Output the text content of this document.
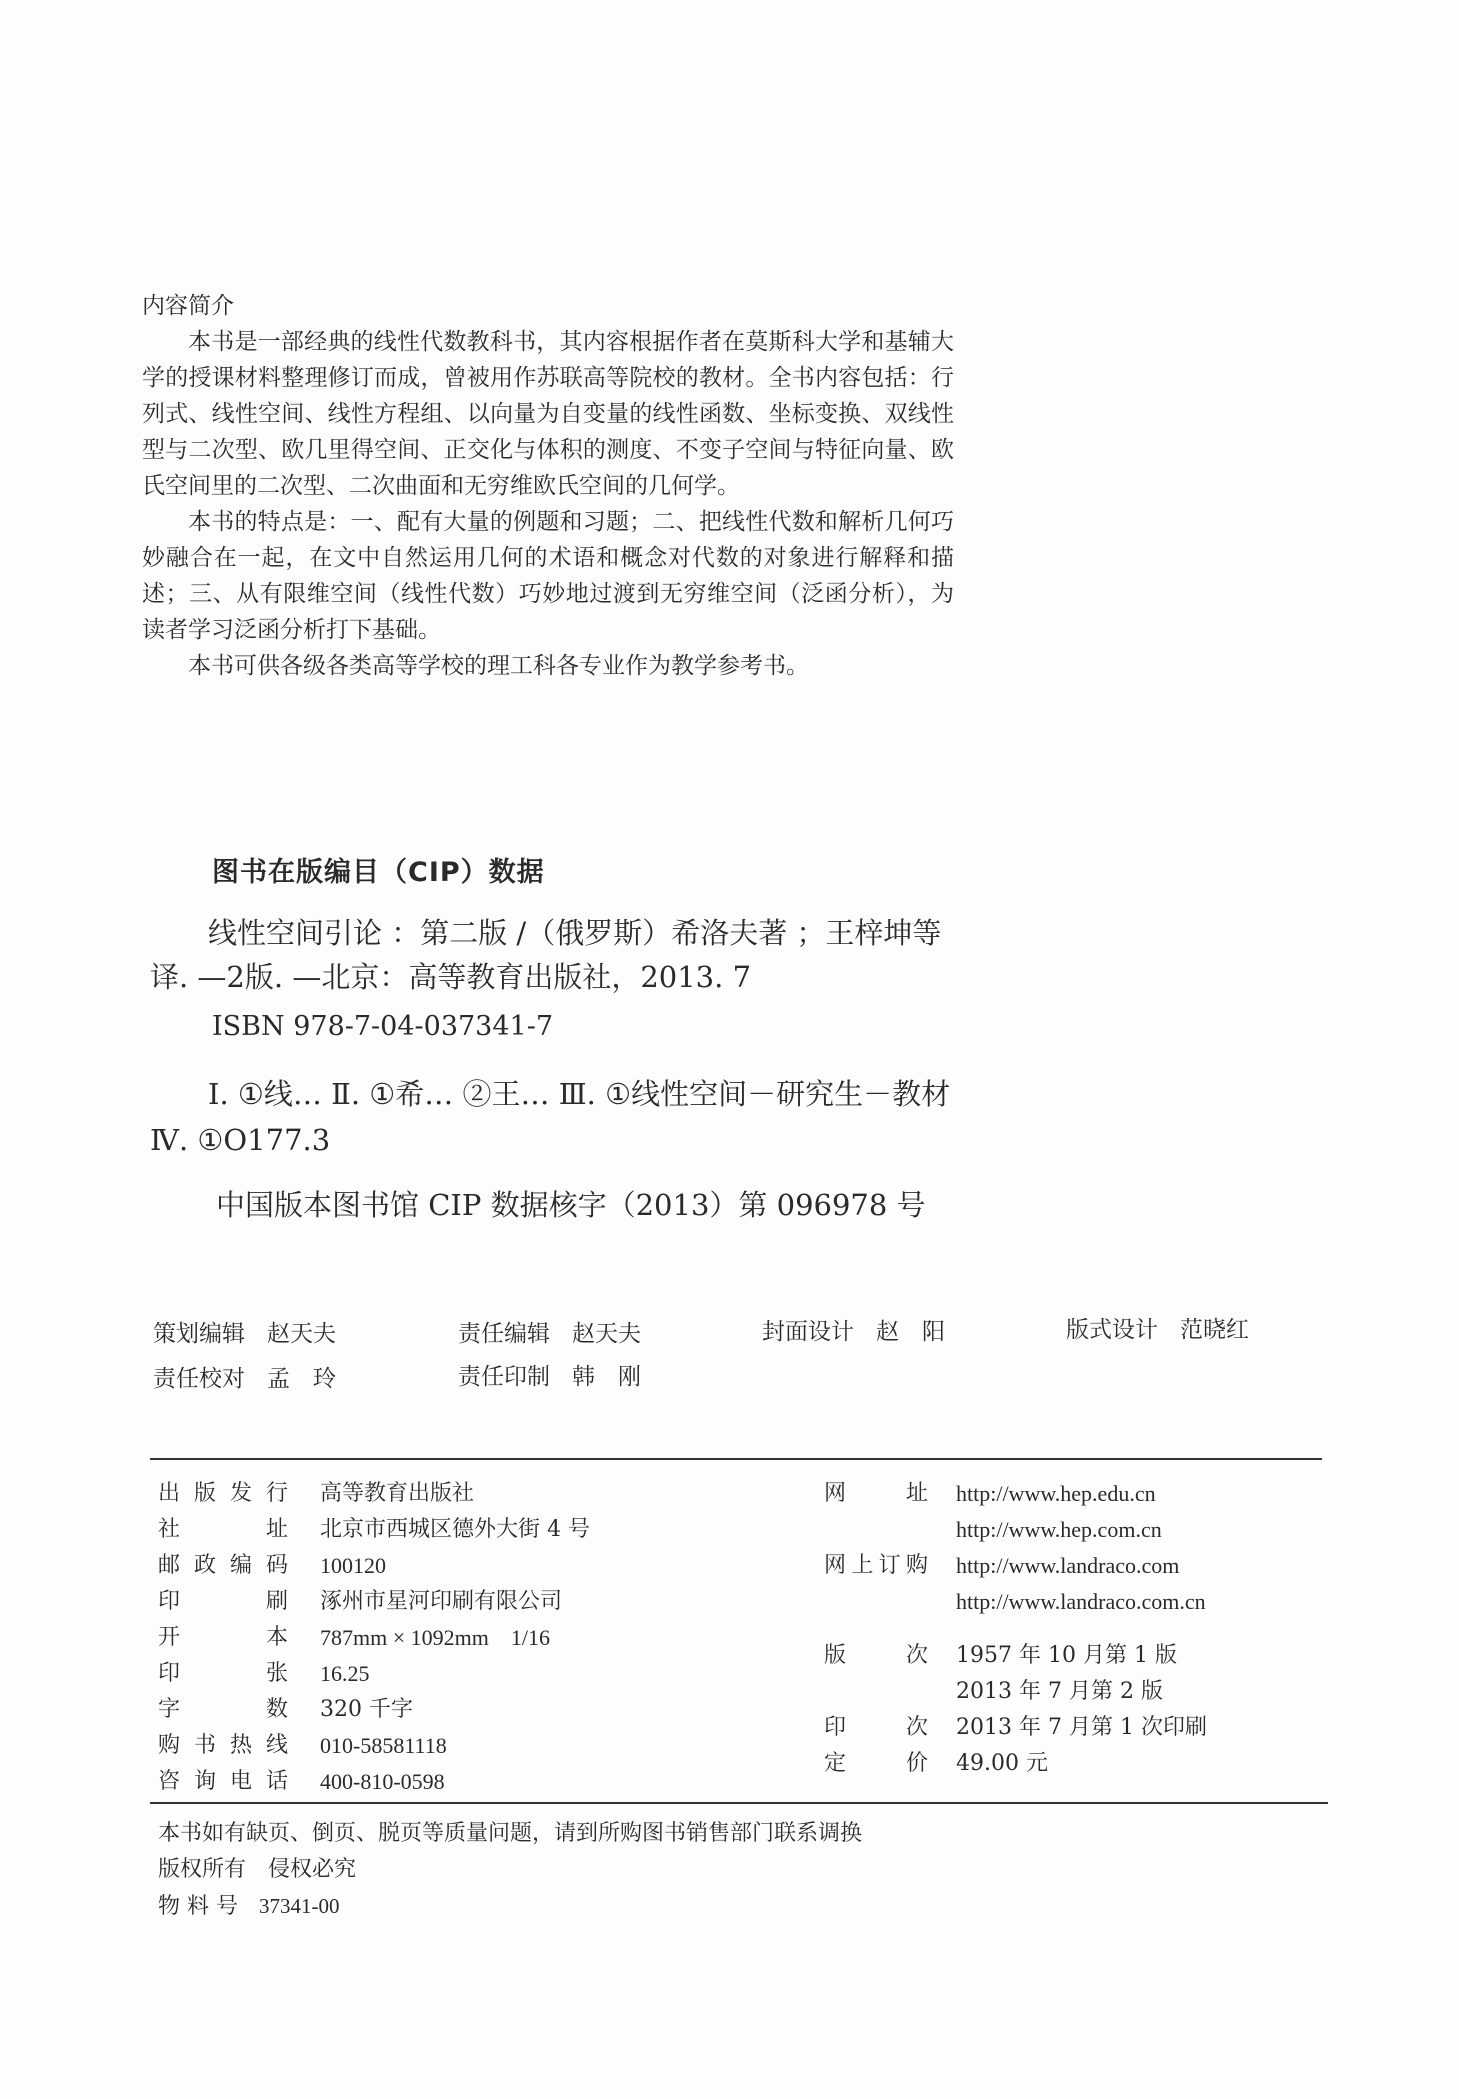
内容简介

本书是一部经典的线性代数教科书，其内容根据作者在莫斯科大学和基辅大学的授课材料整理修订而成，曾被用作苏联高等院校的教材。全书内容包括：行列式、线性空间、线性方程组、以向量为自变量的线性函数、坐标变换、双线性型与二次型、欧几里得空间、正交化与体积的测度、不变子空间与特征向量、欧氏空间里的二次型、二次曲面和无穷维欧氏空间的几何学。

本书的特点是：一、配有大量的例题和习题；二、把线性代数和解析几何巧妙融合在一起，在文中自然运用几何的术语和概念对代数的对象进行解释和描述；三、从有限维空间（线性代数）巧妙地过渡到无穷维空间（泛函分析），为读者学习泛函分析打下基础。

本书可供各级各类高等学校的理工科各专业作为教学参考书。

图书在版编目（CIP）数据

线性空间引论 ：第二版 /（俄罗斯）希洛夫著 ；王梓坤等译. —2版. —北京：高等教育出版社，2013. 7

ISBN 978-7-04-037341-7

Ⅰ. ①线… Ⅱ. ①希… ②王… Ⅲ. ①线性空间－研究生－教材 Ⅳ. ①O177.3

中国版本图书馆 CIP 数据核字（2013）第 096978 号

策划编辑 赵天夫	责任编辑 赵天夫	封面设计 赵　阳	版式设计 范晓红
责任校对 孟　玲	责任印制 韩　刚
出版发行 高等教育出版社
社址 北京市西城区德外大街 4 号
邮政编码 100120
印刷 涿州市星河印刷有限公司
开本 787mm × 1092mm　1/16
印张 16.25
字数 320 千字
购书热线 010-58581118
咨询电话 400-810-0598
网址 http://www.hep.edu.cn
http://www.hep.com.cn
网上订购 http://www.landraco.com
http://www.landraco.com.cn
版次 1957 年 10 月第 1 版
2013 年 7 月第 2 版
印次 2013 年 7 月第 1 次印刷
定价 49.00 元
本书如有缺页、倒页、脱页等质量问题，请到所购图书销售部门联系调换
版权所有　侵权必究
物 料 号 37341-00
